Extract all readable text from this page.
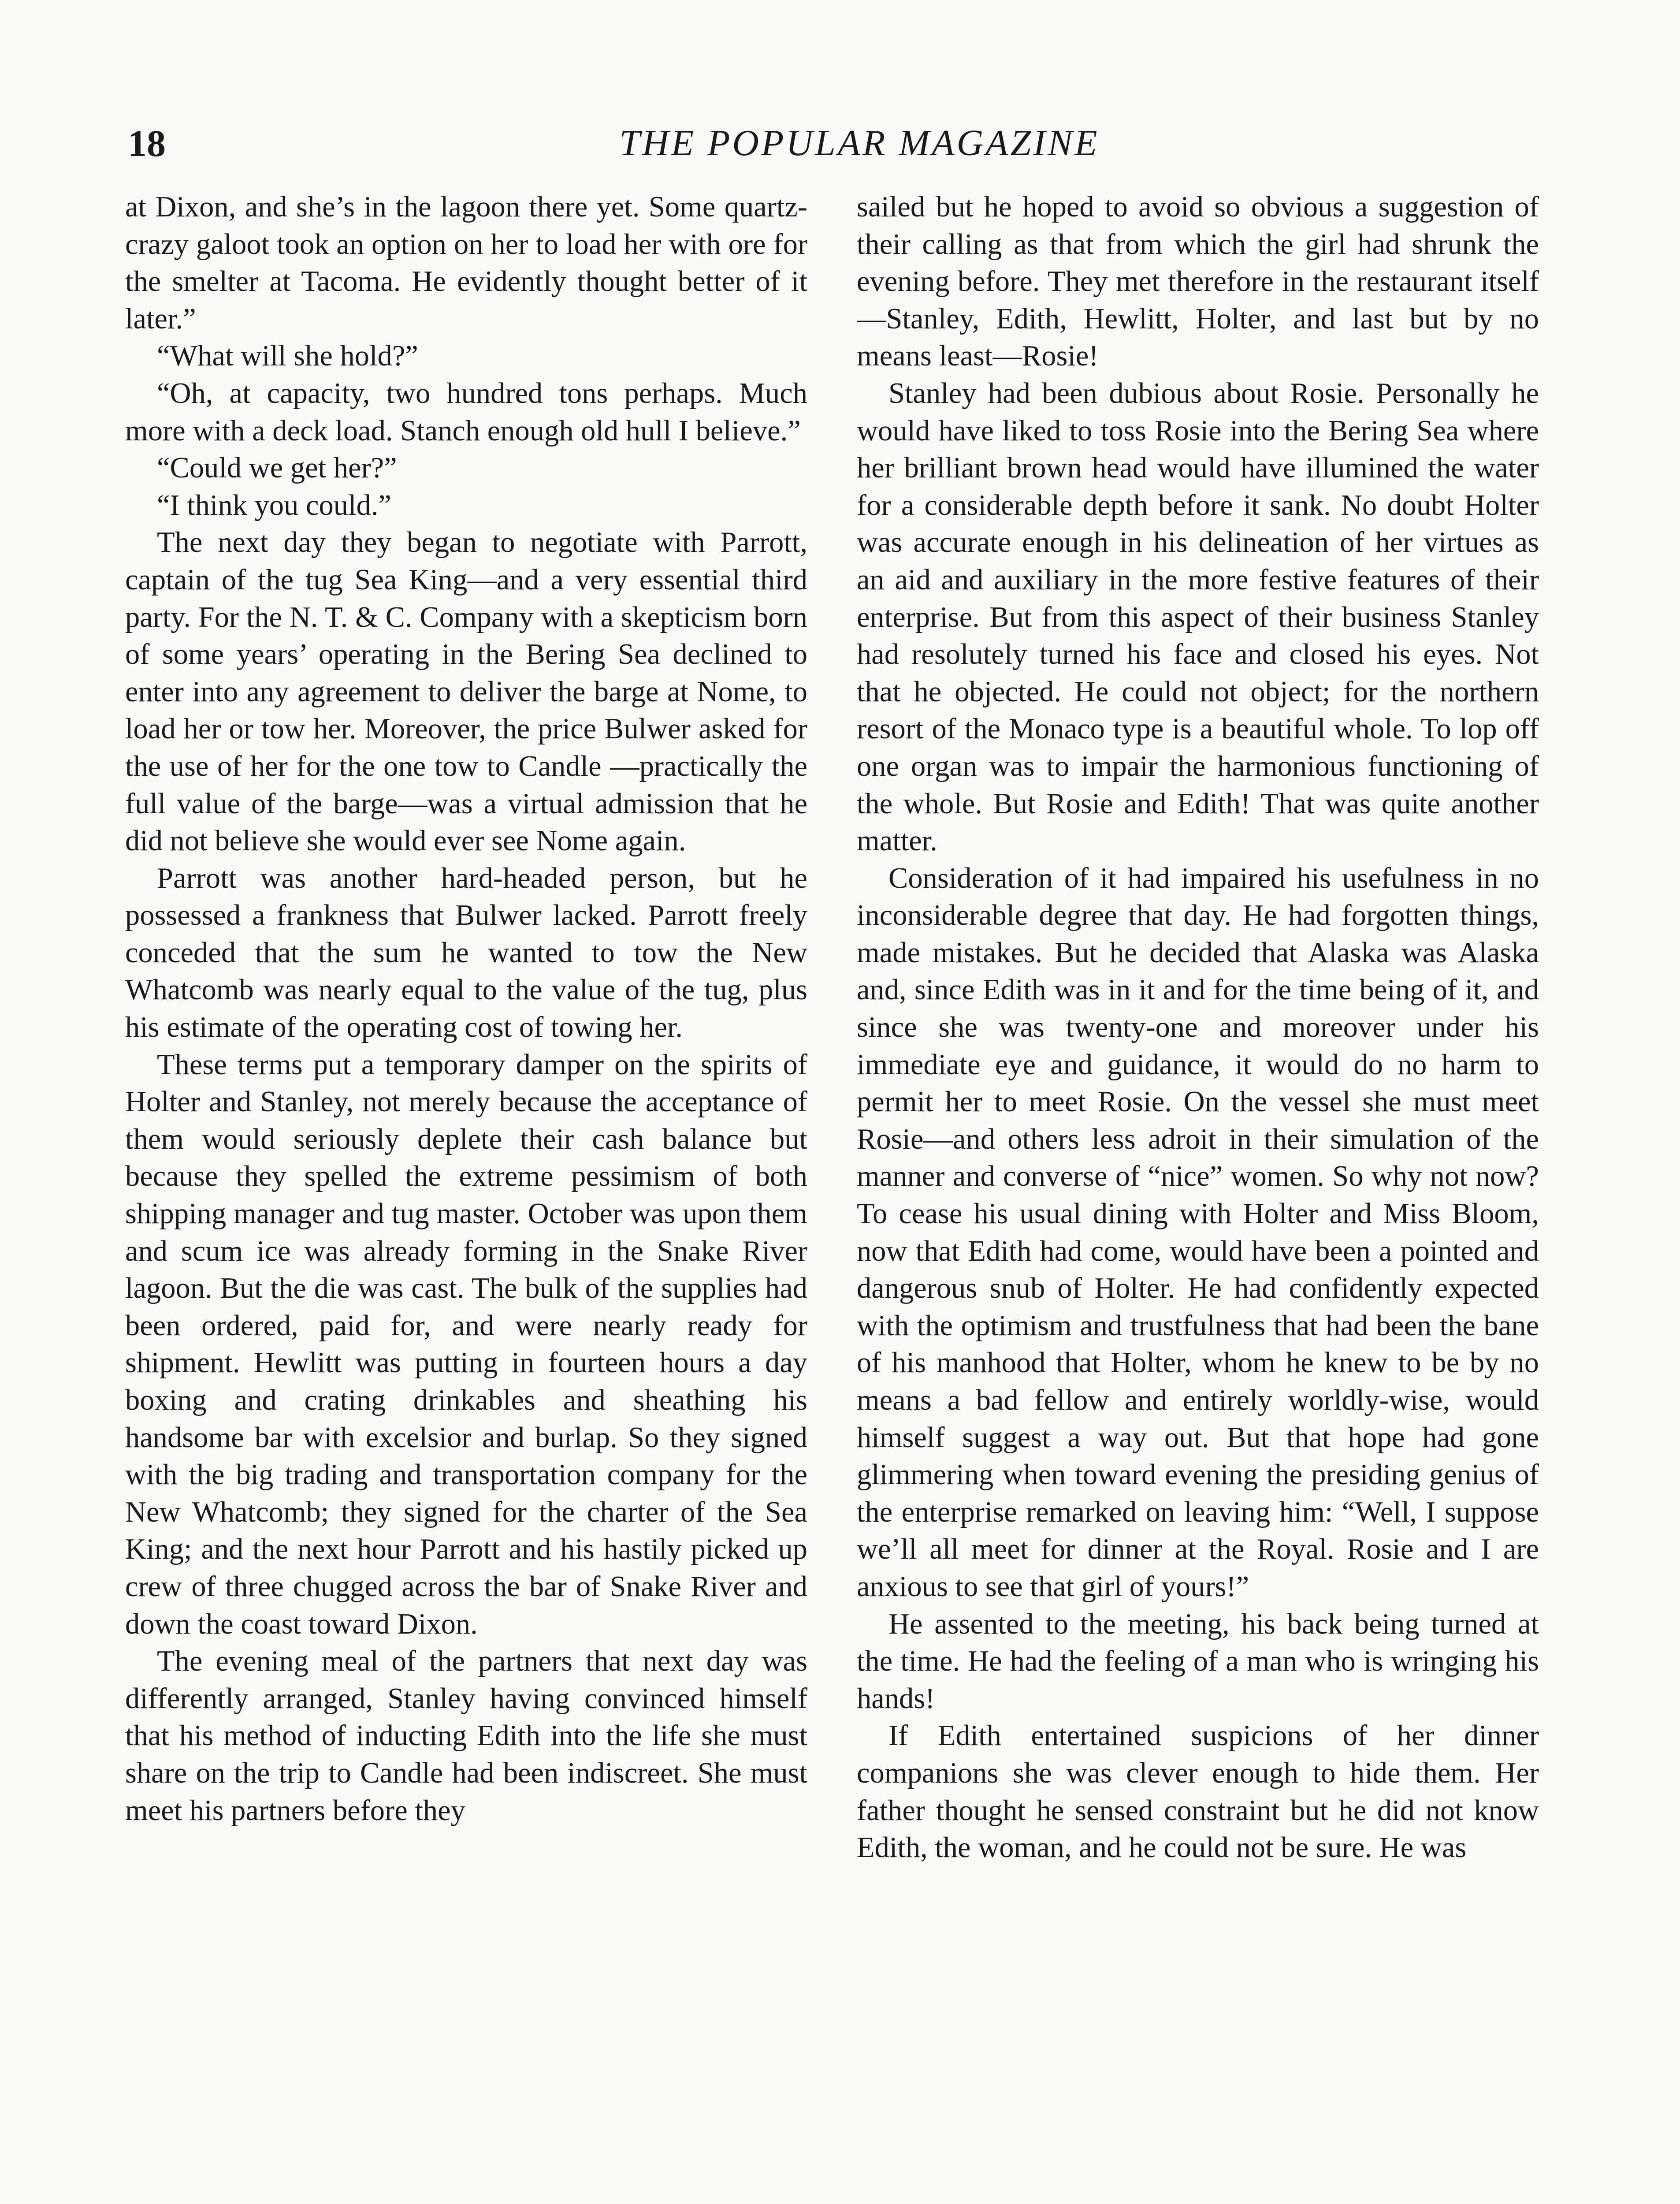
18	THE POPULAR MAGAZINE

at Dixon, and she’s in the lagoon there yet. Some quartz-crazy galoot took an option on her to load her with ore for the smelter at Tacoma. He evidently thought better of it later.”

“What will she hold?”

“Oh, at capacity, two hundred tons perhaps. Much more with a deck load. Stanch enough old hull I believe.”

“Could we get her?”

“I think you could.”

The next day they began to negotiate with Parrott, captain of the tug Sea King—and a very essential third party. For the N. T. & C. Company with a skepticism born of some years’ operating in the Bering Sea declined to enter into any agreement to deliver the barge at Nome, to load her or tow her. Moreover, the price Bulwer asked for the use of her for the one tow to Candle —practically the full value of the barge—was a virtual admission that he did not believe she would ever see Nome again.

Parrott was another hard-headed person, but he possessed a frankness that Bulwer lacked. Parrott freely conceded that the sum he wanted to tow the New Whatcomb was nearly equal to the value of the tug, plus his estimate of the operating cost of towing her.

These terms put a temporary damper on the spirits of Holter and Stanley, not merely because the acceptance of them would seriously deplete their cash balance but because they spelled the extreme pessimism of both shipping manager and tug master. October was upon them and scum ice was already forming in the Snake River lagoon. But the die was cast. The bulk of the supplies had been ordered, paid for, and were nearly ready for shipment. Hewlitt was putting in fourteen hours a day boxing and crating drinkables and sheathing his handsome bar with excelsior and burlap. So they signed with the big trading and transportation company for the New Whatcomb; they signed for the charter of the Sea King; and the next hour Parrott and his hastily picked up crew of three chugged across the bar of Snake River and down the coast toward Dixon.

The evening meal of the partners that next day was differently arranged, Stanley having convinced himself that his method of inducting Edith into the life she must share on the trip to Candle had been indiscreet. She must meet his partners before they

sailed but he hoped to avoid so obvious a suggestion of their calling as that from which the girl had shrunk the evening before. They met therefore in the restaurant itself—Stanley, Edith, Hewlitt, Holter, and last but by no means least—Rosie!

Stanley had been dubious about Rosie. Personally he would have liked to toss Rosie into the Bering Sea where her brilliant brown head would have illumined the water for a considerable depth before it sank. No doubt Holter was accurate enough in his delineation of her virtues as an aid and auxiliary in the more festive features of their enterprise. But from this aspect of their business Stanley had resolutely turned his face and closed his eyes. Not that he objected. He could not object; for the northern resort of the Monaco type is a beautiful whole. To lop off one organ was to impair the harmonious functioning of the whole. But Rosie and Edith! That was quite another matter.

Consideration of it had impaired his usefulness in no inconsiderable degree that day. He had forgotten things, made mistakes. But he decided that Alaska was Alaska and, since Edith was in it and for the time being of it, and since she was twenty-one and moreover under his immediate eye and guidance, it would do no harm to permit her to meet Rosie. On the vessel she must meet Rosie—and others less adroit in their simulation of the manner and converse of “nice” women. So why not now? To cease his usual dining with Holter and Miss Bloom, now that Edith had come, would have been a pointed and dangerous snub of Holter. He had confidently expected with the optimism and trustfulness that had been the bane of his manhood that Holter, whom he knew to be by no means a bad fellow and entirely worldly-wise, would himself suggest a way out. But that hope had gone glimmering when toward evening the presiding genius of the enterprise remarked on leaving him: “Well, I suppose we’ll all meet for dinner at the Royal. Rosie and I are anxious to see that girl of yours!”

He assented to the meeting, his back being turned at the time. He had the feeling of a man who is wringing his hands!

If Edith entertained suspicions of her dinner companions she was clever enough to hide them. Her father thought he sensed constraint but he did not know Edith, the woman, and he could not be sure. He was
